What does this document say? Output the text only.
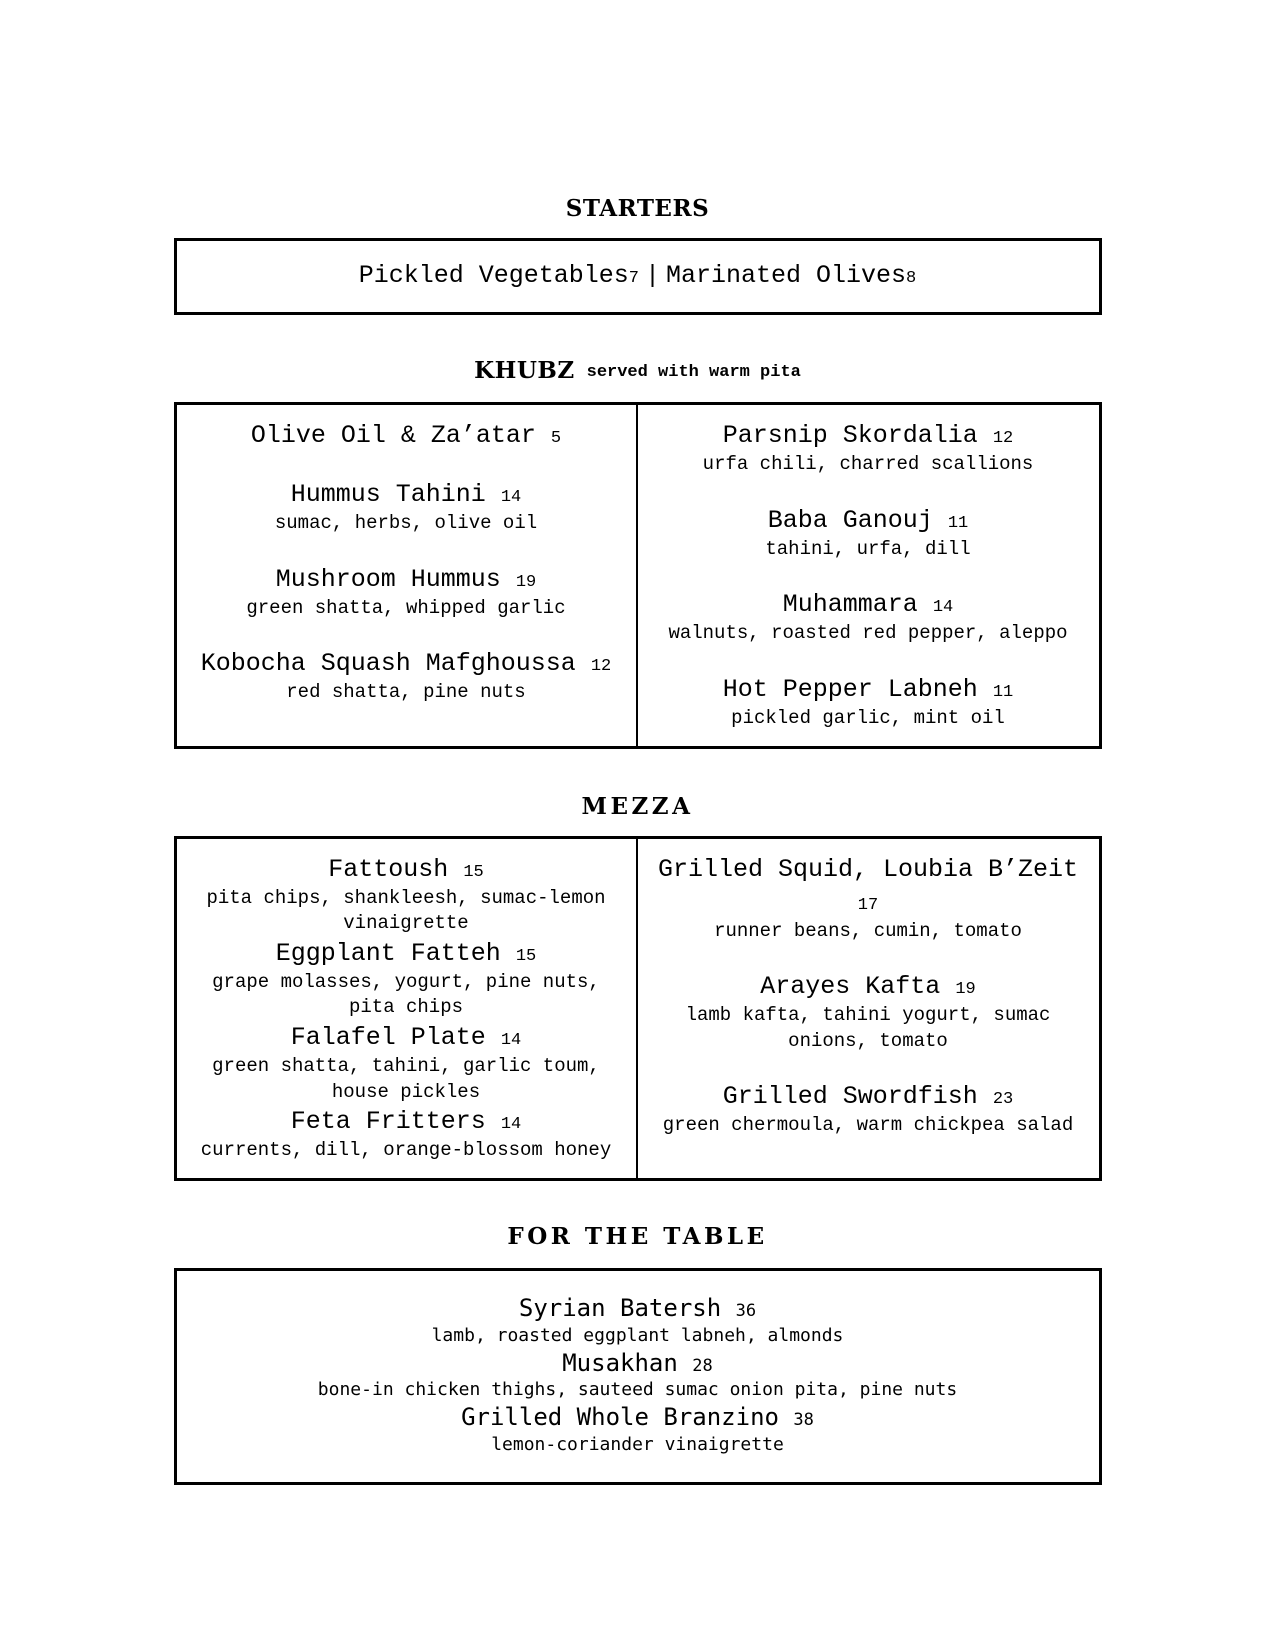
STARTERS
Pickled Vegetables7 | Marinated Olives8
KHUBZ served with warm pita
Olive Oil & Za’atar 5
Hummus Tahini 14
sumac, herbs, olive oil
Mushroom Hummus 19
green shatta, whipped garlic
Kobocha Squash Mafghoussa 12
red shatta, pine nuts
Parsnip Skordalia 12
urfa chili, charred scallions
Baba Ganouj 11
tahini, urfa, dill
Muhammara 14
walnuts, roasted red pepper, aleppo
Hot Pepper Labneh 11
pickled garlic, mint oil
MEZZA
Fattoush 15
pita chips, shankleesh, sumac-lemon vinaigrette
Eggplant Fatteh 15
grape molasses, yogurt, pine nuts, pita chips
Falafel Plate 14
green shatta, tahini, garlic toum, house pickles
Feta Fritters 14
currents, dill, orange-blossom honey
Grilled Squid, Loubia B’Zeit 17
runner beans, cumin, tomato
Arayes Kafta 19
lamb kafta, tahini yogurt, sumac onions, tomato
Grilled Swordfish 23
green chermoula, warm chickpea salad
FOR THE TABLE
Syrian Batersh 36
lamb, roasted eggplant labneh, almonds
Musakhan 28
bone-in chicken thighs, sauteed sumac onion pita, pine nuts
Grilled Whole Branzino 38
lemon-coriander vinaigrette
